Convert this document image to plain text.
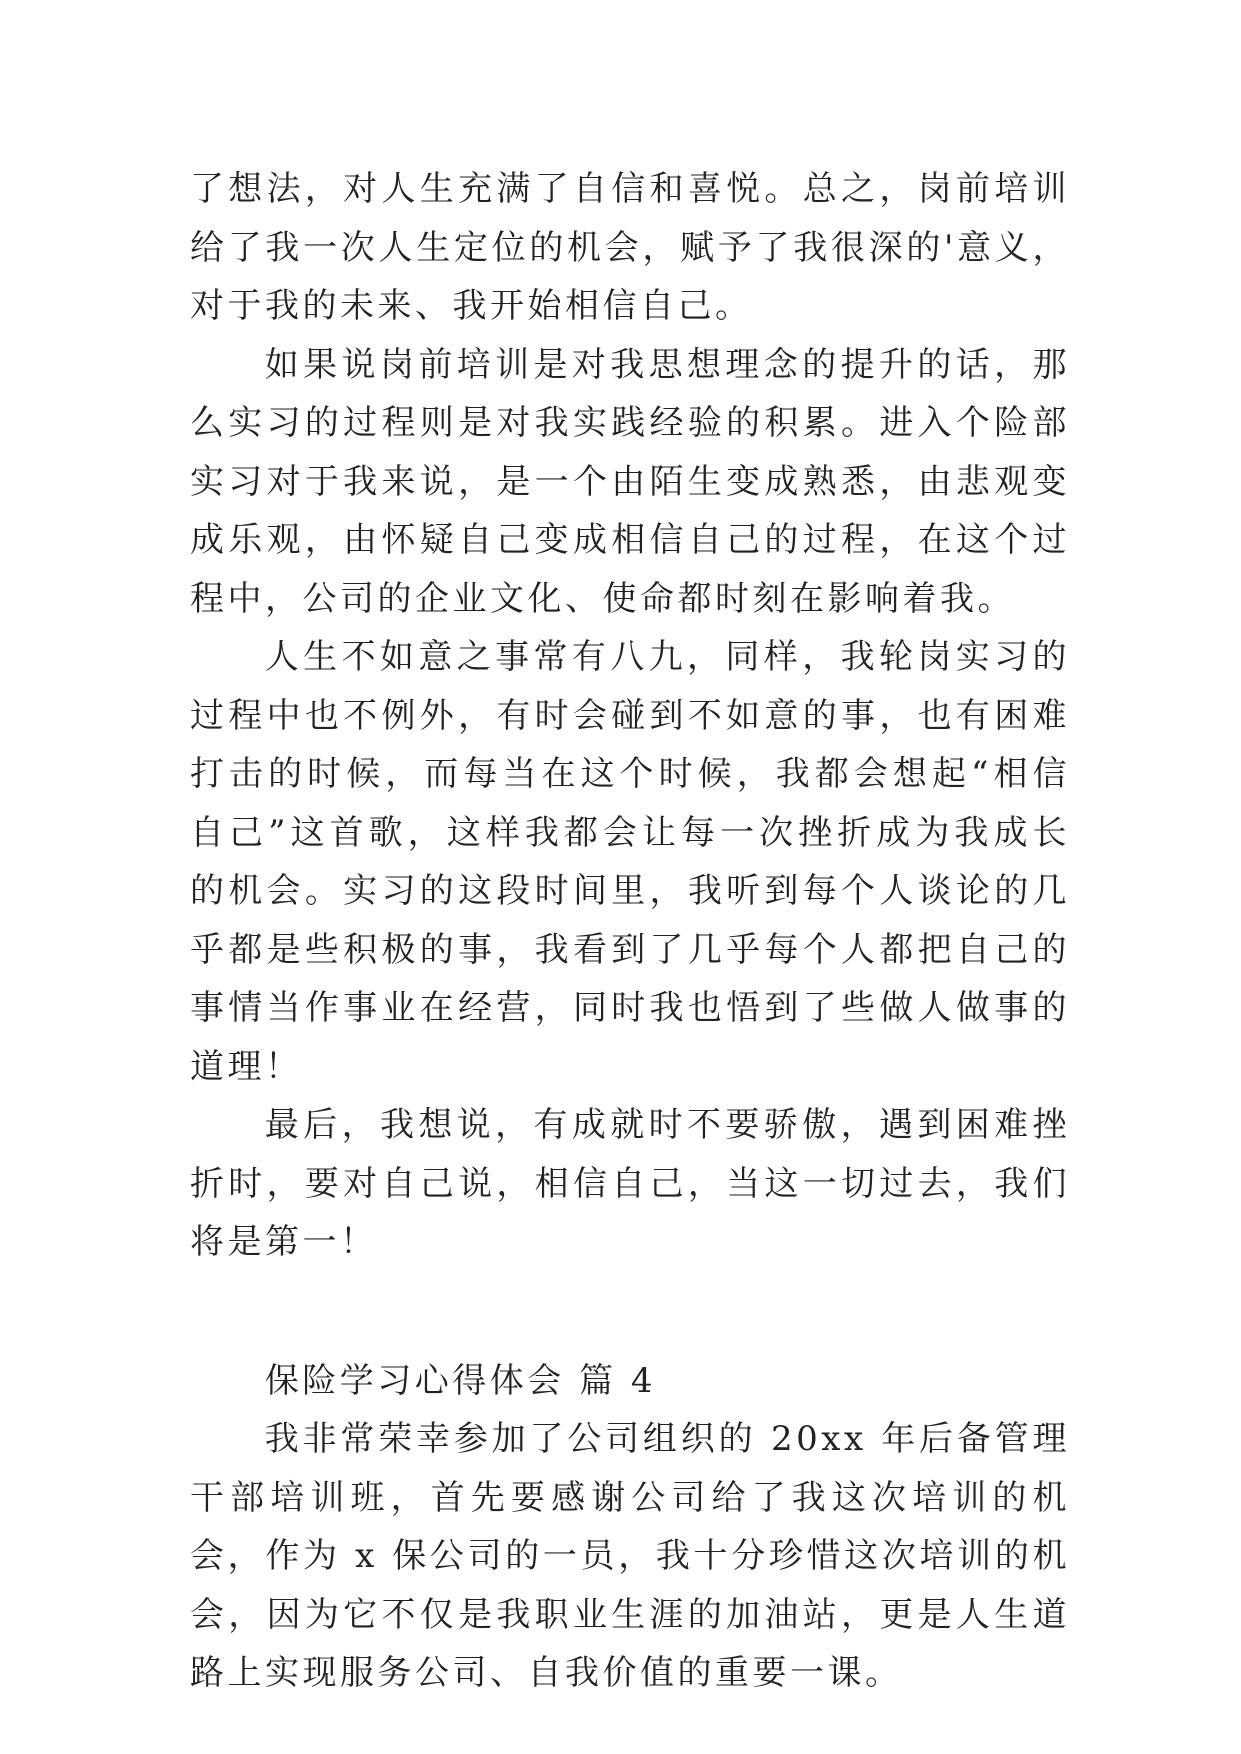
了想法，对人生充满了自信和喜悦。总之，岗前培训给了我一次人生定位的机会，赋予了我很深的'意义，对于我的未来、我开始相信自己。

如果说岗前培训是对我思想理念的提升的话，那么实习的过程则是对我实践经验的积累。进入个险部实习对于我来说，是一个由陌生变成熟悉，由悲观变成乐观，由怀疑自己变成相信自己的过程，在这个过程中，公司的企业文化、使命都时刻在影响着我。

人生不如意之事常有八九，同样，我轮岗实习的过程中也不例外，有时会碰到不如意的事，也有困难打击的时候，而每当在这个时候，我都会想起“相信自己”这首歌，这样我都会让每一次挫折成为我成长的机会。实习的这段时间里，我听到每个人谈论的几乎都是些积极的事，我看到了几乎每个人都把自己的事情当作事业在经营，同时我也悟到了些做人做事的道理！

最后，我想说，有成就时不要骄傲，遇到困难挫折时，要对自己说，相信自己，当这一切过去，我们将是第一！

保险学习心得体会 篇 4

我非常荣幸参加了公司组织的 20xx 年后备管理干部培训班，首先要感谢公司给了我这次培训的机会，作为 x 保公司的一员，我十分珍惜这次培训的机会，因为它不仅是我职业生涯的加油站，更是人生道路上实现服务公司、自我价值的重要一课。
